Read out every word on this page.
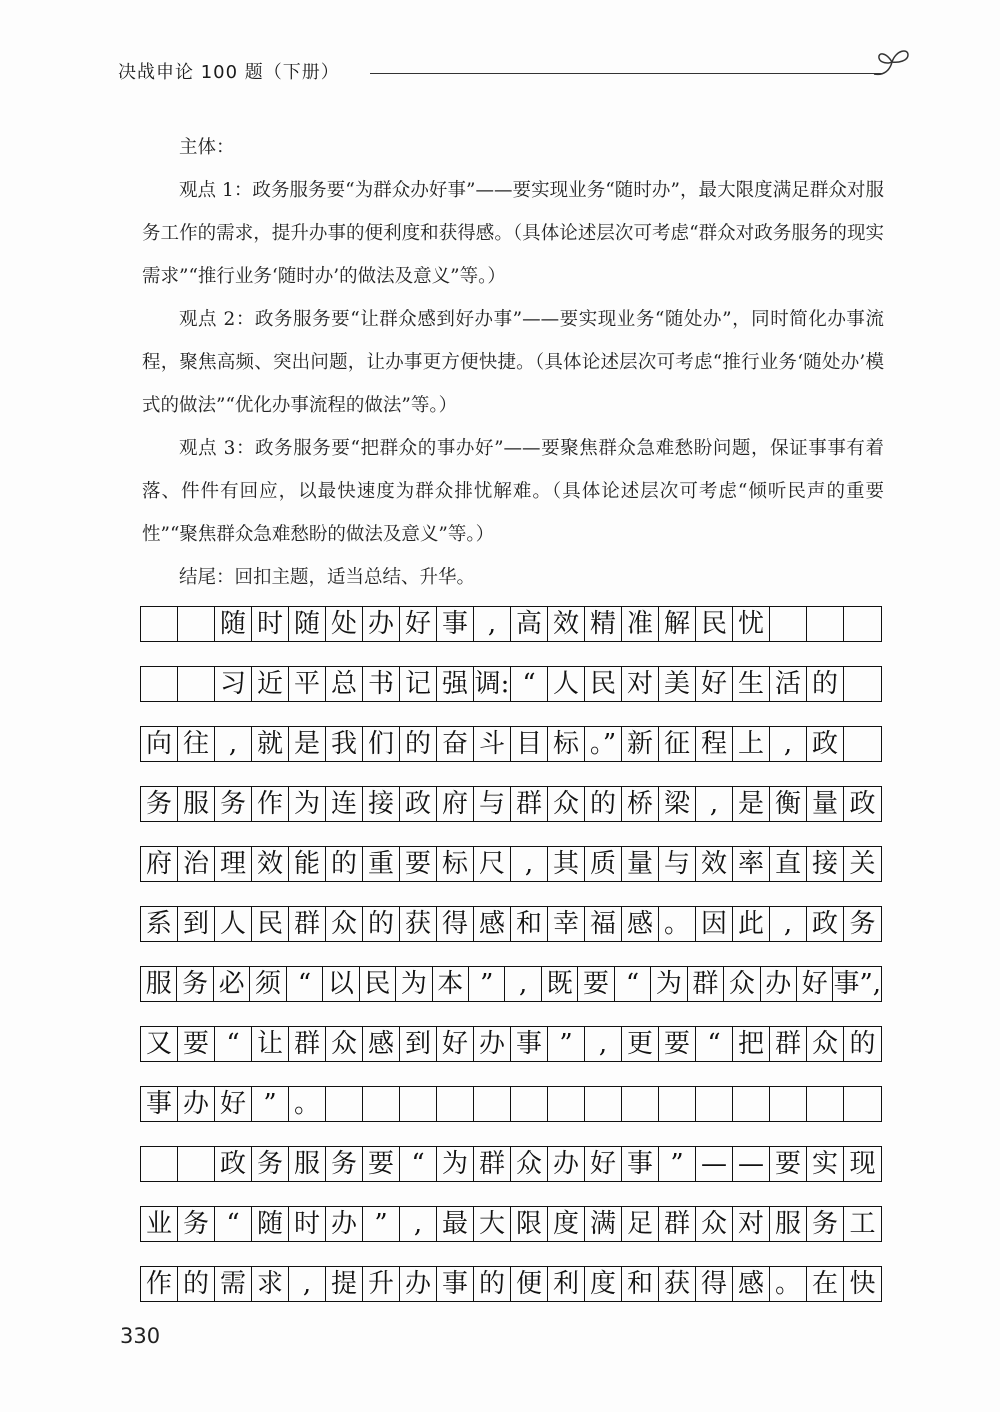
决战申论 100 题（下册）

主体：

观点 1：政务服务要“为群众办好事”——要实现业务“随时办”，最大限度满足群众对服务工作的需求，提升办事的便利度和获得感。（具体论述层次可考虑“群众对政务服务的现实需求”“推行业务‘随时办’的做法及意义”等。）

观点 2：政务服务要“让群众感到好办事”——要实现业务“随处办”，同时简化办事流程，聚焦高频、突出问题，让办事更方便快捷。（具体论述层次可考虑“推行业务‘随处办’模式的做法”“优化办事流程的做法”等。）

观点 3：政务服务要“把群众的事办好”——要聚焦群众急难愁盼问题，保证事事有着落、件件有回应，以最快速度为群众排忧解难。（具体论述层次可考虑“倾听民声的重要性”“聚焦群众急难愁盼的做法及意义”等。）

结尾：回扣主题，适当总结、升华。

随 时 随 处 办 好 事 , 高 效 精 准 解 民 忧
习 近 平 总 书 记 强 调: “ 人 民 对 美 好 生 活 的
向 往 , 就 是 我 们 的 奋 斗 目 标 。” 新 征 程 上 , 政
务 服 务 作 为 连 接 政 府 与 群 众 的 桥 梁 , 是 衡 量 政
府 治 理 效 能 的 重 要 标 尺 , 其 质 量 与 效 率 直 接 关
系 到 人 民 群 众 的 获 得 感 和 幸 福 感 。 因 此 , 政 务
服 务 必 须 “ 以 民 为 本 ” , 既 要 “ 为 群 众 办 好 事”,
又 要 “ 让 群 众 感 到 好 办 事 ”	, 更 要 “ 把 群 众 的
事 办 好 ” 。
政 务 服 务 要 “ 为 群 众 办 好 事 ” — — 要 实 现
业 务 “ 随 时 办 ”	, 最 大 限 度 满 足 群 众 对 服 务 工
作 的 需 求 , 提 升 办 事 的 便 利 度 和 获 得 感 。 在 快
330
